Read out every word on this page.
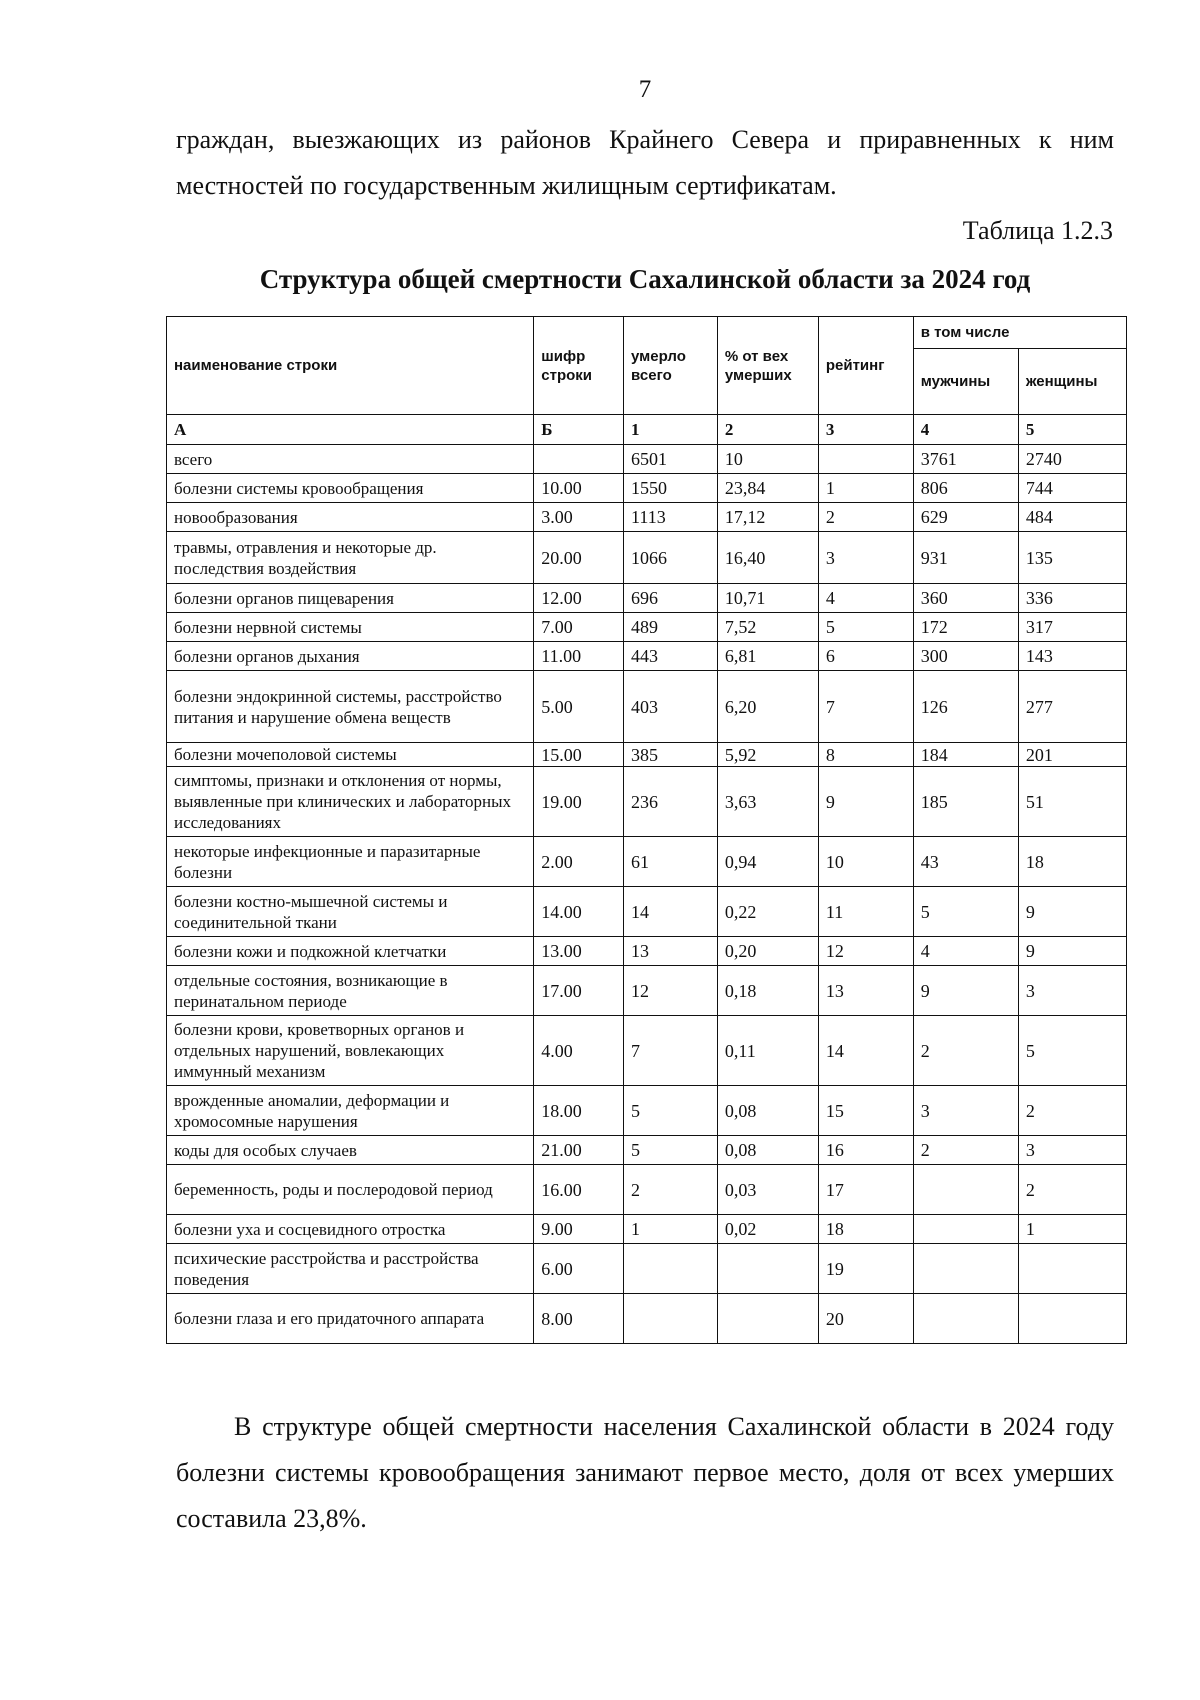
7

граждан, выезжающих из районов Крайнего Севера и приравненных к ним местностей по государственным жилищным сертификатам.

Таблица 1.2.3
Структура общей смертности Сахалинской области за 2024 год
наименование строки	шифр строки	умерло всего	% от вех умерших	рейтинг	в том числе	
					мужчины	женщины
А	Б	1	2	3	4	5
всего		6501	10		3761	2740
болезни системы кровообращения	10.00	1550	23,84	1	806	744
новообразования	3.00	1113	17,12	2	629	484
травмы, отравления и некоторые др. последствия воздействия	20.00	1066	16,40	3	931	135
болезни органов пищеварения	12.00	696	10,71	4	360	336
болезни нервной системы	7.00	489	7,52	5	172	317
болезни органов дыхания	11.00	443	6,81	6	300	143
болезни эндокринной системы, расстройство питания и нарушение обмена веществ	5.00	403	6,20	7	126	277
болезни мочеполовой системы	15.00	385	5,92	8	184	201
симптомы, признаки и отклонения от нормы, выявленные при клинических и лабораторных исследованиях	19.00	236	3,63	9	185	51
некоторые инфекционные и паразитарные болезни	2.00	61	0,94	10	43	18
болезни костно-мышечной системы и соединительной ткани	14.00	14	0,22	11	5	9
болезни кожи и подкожной клетчатки	13.00	13	0,20	12	4	9
отдельные состояния, возникающие в перинатальном периоде	17.00	12	0,18	13	9	3
болезни крови, кроветворных органов и отдельных нарушений, вовлекающих иммунный механизм	4.00	7	0,11	14	2	5
врожденные аномалии, деформации и хромосомные нарушения	18.00	5	0,08	15	3	2
коды для особых случаев	21.00	5	0,08	16	2	3
беременность, роды и послеродовой период	16.00	2	0,03	17		2
болезни уха и сосцевидного отростка	9.00	1	0,02	18		1
психические расстройства и расстройства поведения	6.00			19		
болезни глаза и его придаточного аппарата	8.00			20		

В структуре общей смертности населения Сахалинской области в 2024 году болезни системы кровообращения занимают первое место, доля от всех умерших составила 23,8%.
